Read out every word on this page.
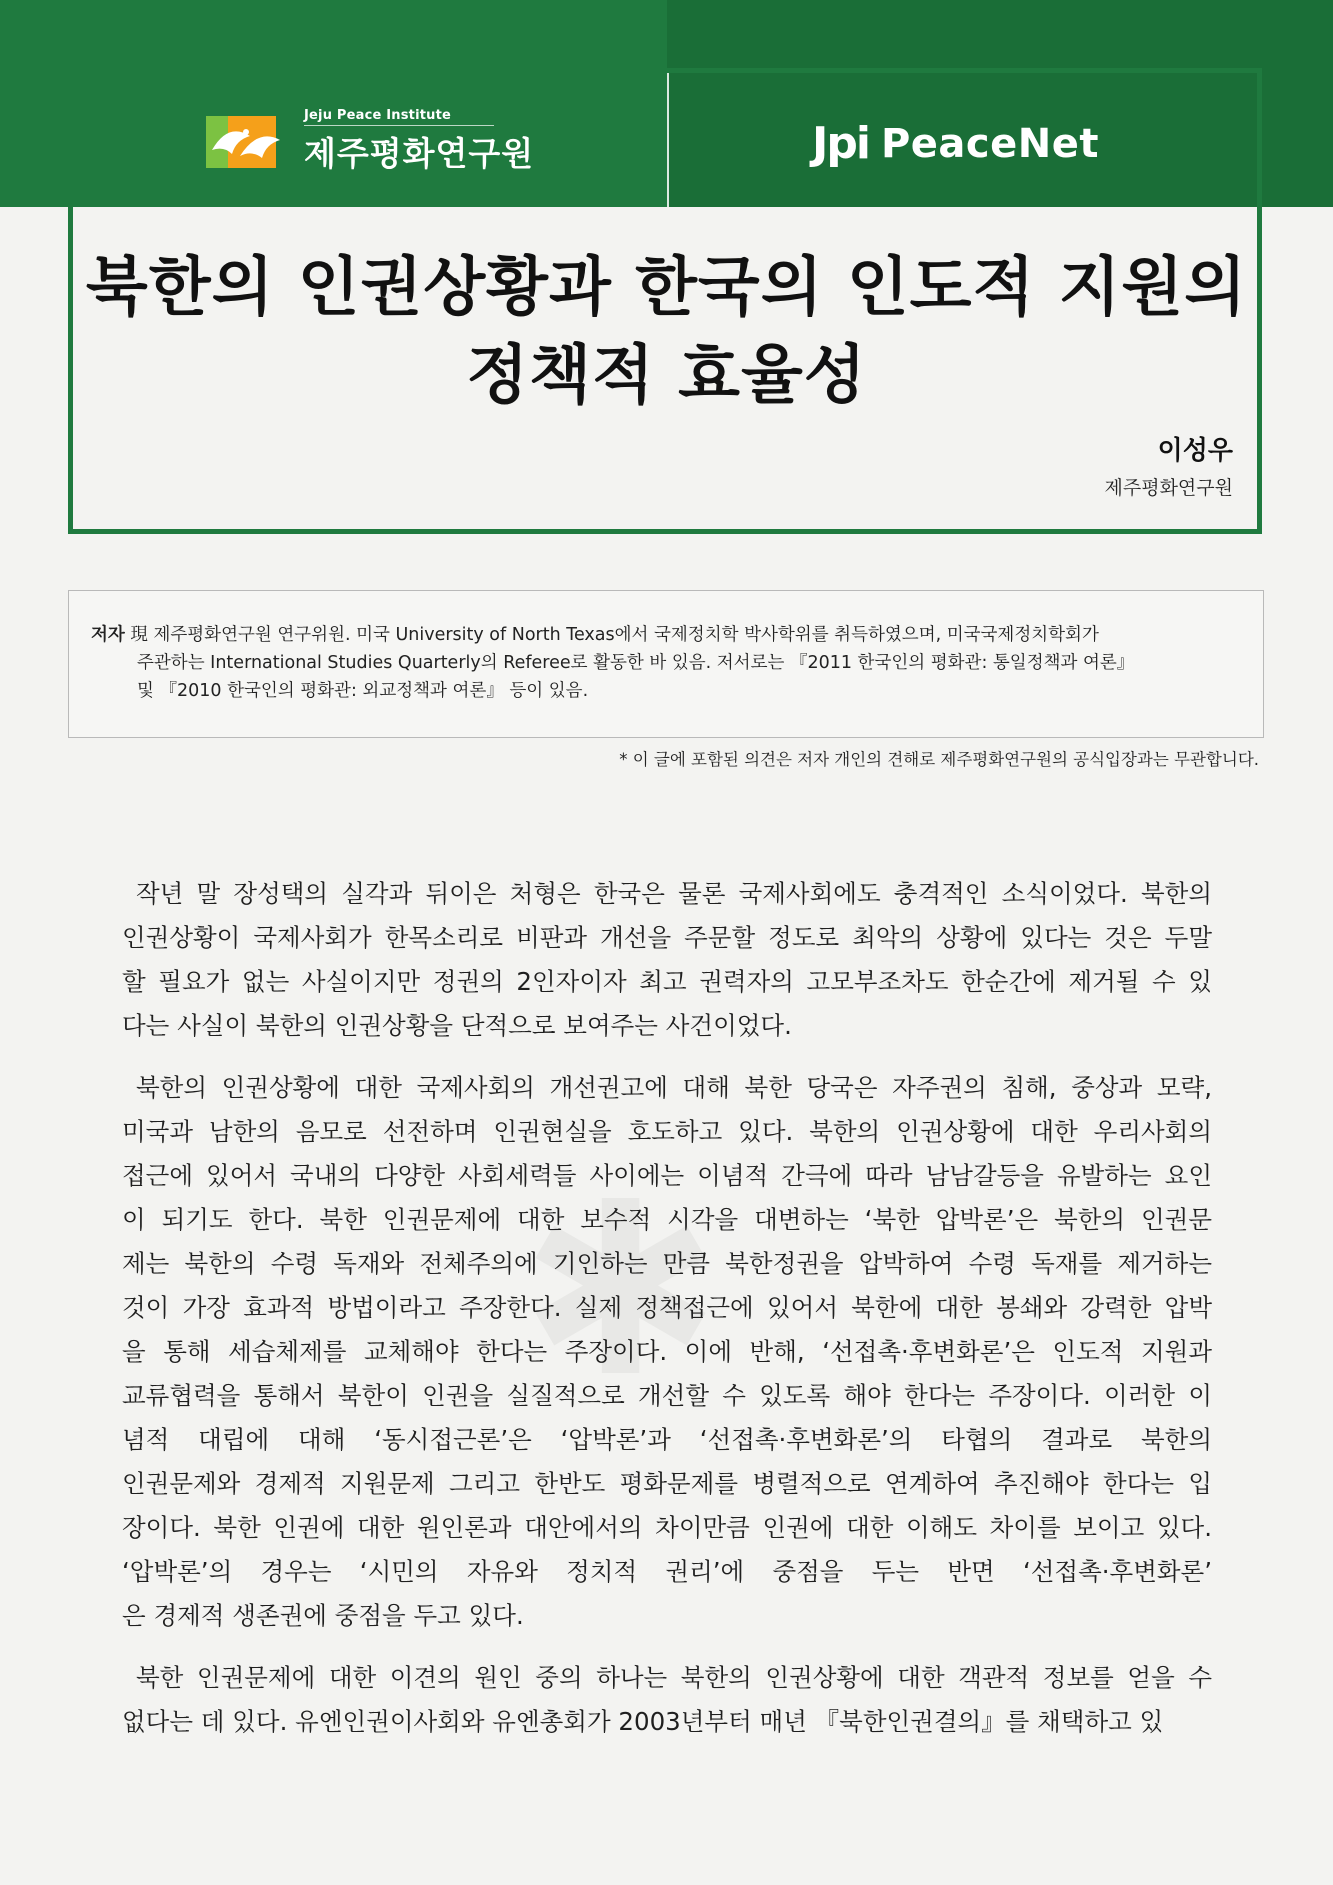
Jeju Peace Institute
제주평화연구원	Jpi PeaceNet
북한의 인권상황과 한국의 인도적 지원의
정책적 효율성
이성우
제주평화연구원
저자 現 제주평화연구원 연구위원. 미국 University of North Texas에서 국제정치학 박사학위를 취득하였으며, 미국국제정치학회가
주관하는 International Studies Quarterly의 Referee로 활동한 바 있음. 저서로는 『2011 한국인의 평화관: 통일정책과 여론』
및 『2010 한국인의 평화관: 외교정책과 여론』 등이 있음.
* 이 글에 포함된 의견은 저자 개인의 견해로 제주평화연구원의 공식입장과는 무관합니다.
✱
작년 말 장성택의 실각과 뒤이은 처형은 한국은 물론 국제사회에도 충격적인 소식이었다. 북한의
인권상황이 국제사회가 한목소리로 비판과 개선을 주문할 정도로 최악의 상황에 있다는 것은 두말
할 필요가 없는 사실이지만 정권의 2인자이자 최고 권력자의 고모부조차도 한순간에 제거될 수 있
다는 사실이 북한의 인권상황을 단적으로 보여주는 사건이었다.
북한의 인권상황에 대한 국제사회의 개선권고에 대해 북한 당국은 자주권의 침해, 중상과 모략,
미국과 남한의 음모로 선전하며 인권현실을 호도하고 있다. 북한의 인권상황에 대한 우리사회의
접근에 있어서 국내의 다양한 사회세력들 사이에는 이념적 간극에 따라 남남갈등을 유발하는 요인
이 되기도 한다. 북한 인권문제에 대한 보수적 시각을 대변하는 ‘북한 압박론’은 북한의 인권문
제는 북한의 수령 독재와 전체주의에 기인하는 만큼 북한정권을 압박하여 수령 독재를 제거하는
것이 가장 효과적 방법이라고 주장한다. 실제 정책접근에 있어서 북한에 대한 봉쇄와 강력한 압박
을 통해 세습체제를 교체해야 한다는 주장이다. 이에 반해, ‘선접촉·후변화론’은 인도적 지원과
교류협력을 통해서 북한이 인권을 실질적으로 개선할 수 있도록 해야 한다는 주장이다. 이러한 이
념적 대립에 대해 ‘동시접근론’은 ‘압박론’과 ‘선접촉·후변화론’의 타협의 결과로 북한의
인권문제와 경제적 지원문제 그리고 한반도 평화문제를 병렬적으로 연계하여 추진해야 한다는 입
장이다. 북한 인권에 대한 원인론과 대안에서의 차이만큼 인권에 대한 이해도 차이를 보이고 있다.
‘압박론’의 경우는 ‘시민의 자유와 정치적 권리’에 중점을 두는 반면 ‘선접촉·후변화론’
은 경제적 생존권에 중점을 두고 있다.
북한 인권문제에 대한 이견의 원인 중의 하나는 북한의 인권상황에 대한 객관적 정보를 얻을 수
없다는 데 있다. 유엔인권이사회와 유엔총회가 2003년부터 매년 『북한인권결의』를 채택하고 있
